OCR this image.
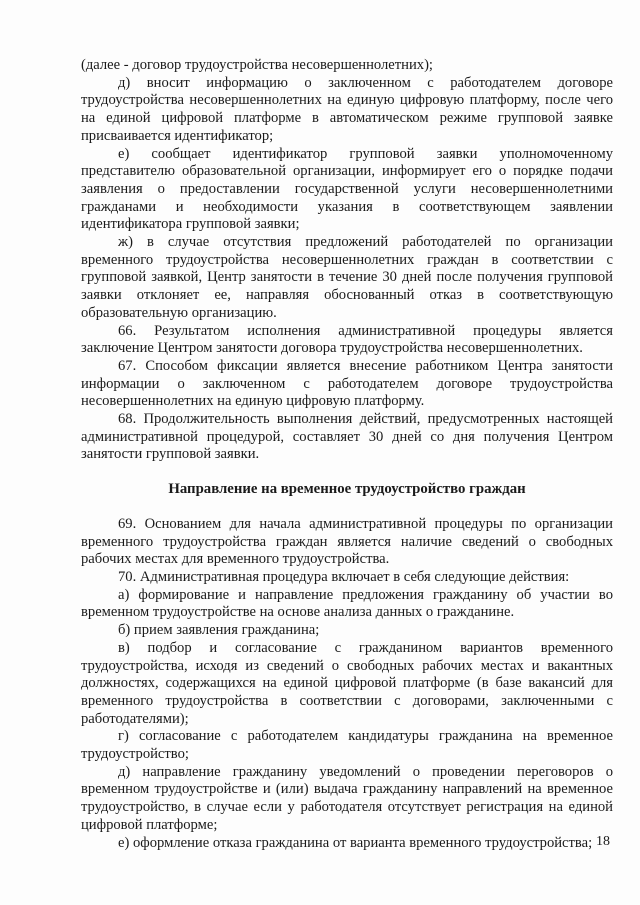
(далее - договор трудоустройства несовершеннолетних);

д) вносит информацию о заключенном с работодателем договоре трудоустройства несовершеннолетних на единую цифровую платформу, после чего на единой цифровой платформе в автоматическом режиме групповой заявке присваивается идентификатор;

е) сообщает идентификатор групповой заявки уполномоченному представителю образовательной организации, информирует его о порядке подачи заявления о предоставлении государственной услуги несовершеннолетними гражданами и необходимости указания в соответствующем заявлении идентификатора групповой заявки;

ж) в случае отсутствия предложений работодателей по организации временного трудоустройства несовершеннолетних граждан в соответствии с групповой заявкой, Центр занятости в течение 30 дней после получения групповой заявки отклоняет ее, направляя обоснованный отказ в соответствующую образовательную организацию.

66. Результатом исполнения административной процедуры является заключение Центром занятости договора трудоустройства несовершеннолетних.

67. Способом фиксации является внесение работником Центра занятости информации о заключенном с работодателем договоре трудоустройства несовершеннолетних на единую цифровую платформу.

68. Продолжительность выполнения действий, предусмотренных настоящей административной процедурой, составляет 30 дней со дня получения Центром занятости групповой заявки.

Направление на временное трудоустройство граждан

69. Основанием для начала административной процедуры по организации временного трудоустройства граждан является наличие сведений о свободных рабочих местах для временного трудоустройства.

70. Административная процедура включает в себя следующие действия:

а) формирование и направление предложения гражданину об участии во временном трудоустройстве на основе анализа данных о гражданине.

б) прием заявления гражданина;

в) подбор и согласование с гражданином вариантов временного трудоустройства, исходя из сведений о свободных рабочих местах и вакантных должностях, содержащихся на единой цифровой платформе (в базе вакансий для временного трудоустройства в соответствии с договорами, заключенными с работодателями);

г) согласование с работодателем кандидатуры гражданина на временное трудоустройство;

д) направление гражданину уведомлений о проведении переговоров о временном трудоустройстве и (или) выдача гражданину направлений на временное трудоустройство, в случае если у работодателя отсутствует регистрация на единой цифровой платформе;

е) оформление отказа гражданина от варианта временного трудоустройства; 18
